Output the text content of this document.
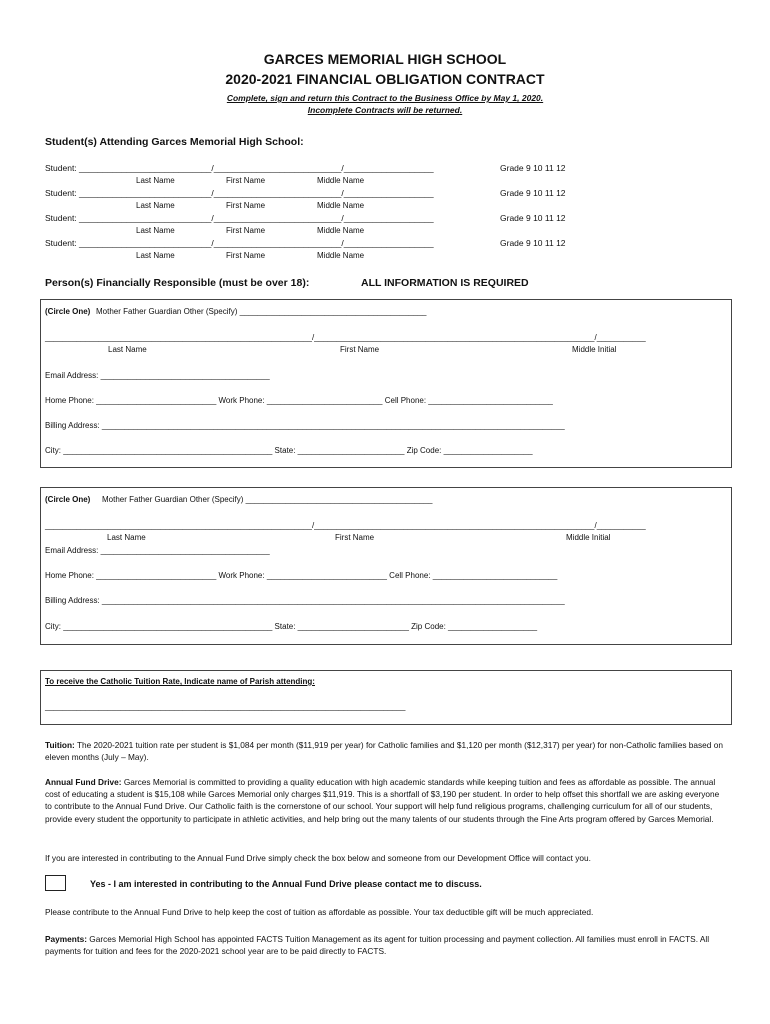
GARCES MEMORIAL HIGH SCHOOL
2020-2021 FINANCIAL OBLIGATION CONTRACT
Complete, sign and return this Contract to the Business Office by May 1, 2020.
Incomplete Contracts will be returned.
Student(s) Attending Garces Memorial High School:
Student: ____________________________/___________________________/___________________	Grade 9 10 11 12
Last Name	First Name	Middle Name
Student: ____________________________/___________________________/___________________	Grade 9 10 11 12
Last Name	First Name	Middle Name
Student: ____________________________/___________________________/___________________	Grade 9 10 11 12
Last Name	First Name	Middle Name
Student: ____________________________/___________________________/___________________	Grade 9 10 11 12
Last Name	First Name	Middle Name
Person(s) Financially Responsible (must be over 18):	ALL INFORMATION IS REQUIRED
(Circle One) Mother Father Guardian Other (Specify) __________________________________________
____________________________________________________________/_______________________________________________________________/___________
Last Name	First Name	Middle Initial
Email Address: ______________________________________
Home Phone: ___________________________ Work Phone: __________________________ Cell Phone: ____________________________
Billing Address: ________________________________________________________________________________________________________
City: _______________________________________________ State: ________________________ Zip Code: ____________________
(Circle One) Mother Father Guardian Other (Specify) __________________________________________
____________________________________________________________/_______________________________________________________________/___________
Last Name	First Name	Middle Initial
Email Address: ______________________________________
Home Phone: ___________________________ Work Phone: ___________________________ Cell Phone: ____________________________
Billing Address: ________________________________________________________________________________________________________
City: _______________________________________________ State: _________________________ Zip Code: ____________________
To receive the Catholic Tuition Rate, Indicate name of Parish attending:
_________________________________________________________________________________
Tuition: The 2020-2021 tuition rate per student is $1,084 per month ($11,919 per year) for Catholic families and $1,120 per month ($12,317) per year) for non-Catholic families based on eleven months (July – May).
Annual Fund Drive: Garces Memorial is committed to providing a quality education with high academic standards while keeping tuition and fees as affordable as possible. The annual cost of educating a student is $15,108 while Garces Memorial only charges $11,919. This is a shortfall of $3,190 per student. In order to help offset this shortfall we are asking everyone to contribute to the Annual Fund Drive. Our Catholic faith is the cornerstone of our school. Your support will help fund religious programs, challenging curriculum for all of our students, provide every student the opportunity to participate in athletic activities, and help bring out the many talents of our students through the Fine Arts program offered by Garces Memorial.
If you are interested in contributing to the Annual Fund Drive simply check the box below and someone from our Development Office will contact you.
Yes - I am interested in contributing to the Annual Fund Drive please contact me to discuss.
Please contribute to the Annual Fund Drive to help keep the cost of tuition as affordable as possible. Your tax deductible gift will be much appreciated.
Payments: Garces Memorial High School has appointed FACTS Tuition Management as its agent for tuition processing and payment collection. All families must enroll in FACTS. All payments for tuition and fees for the 2020-2021 school year are to be paid directly to FACTS.
